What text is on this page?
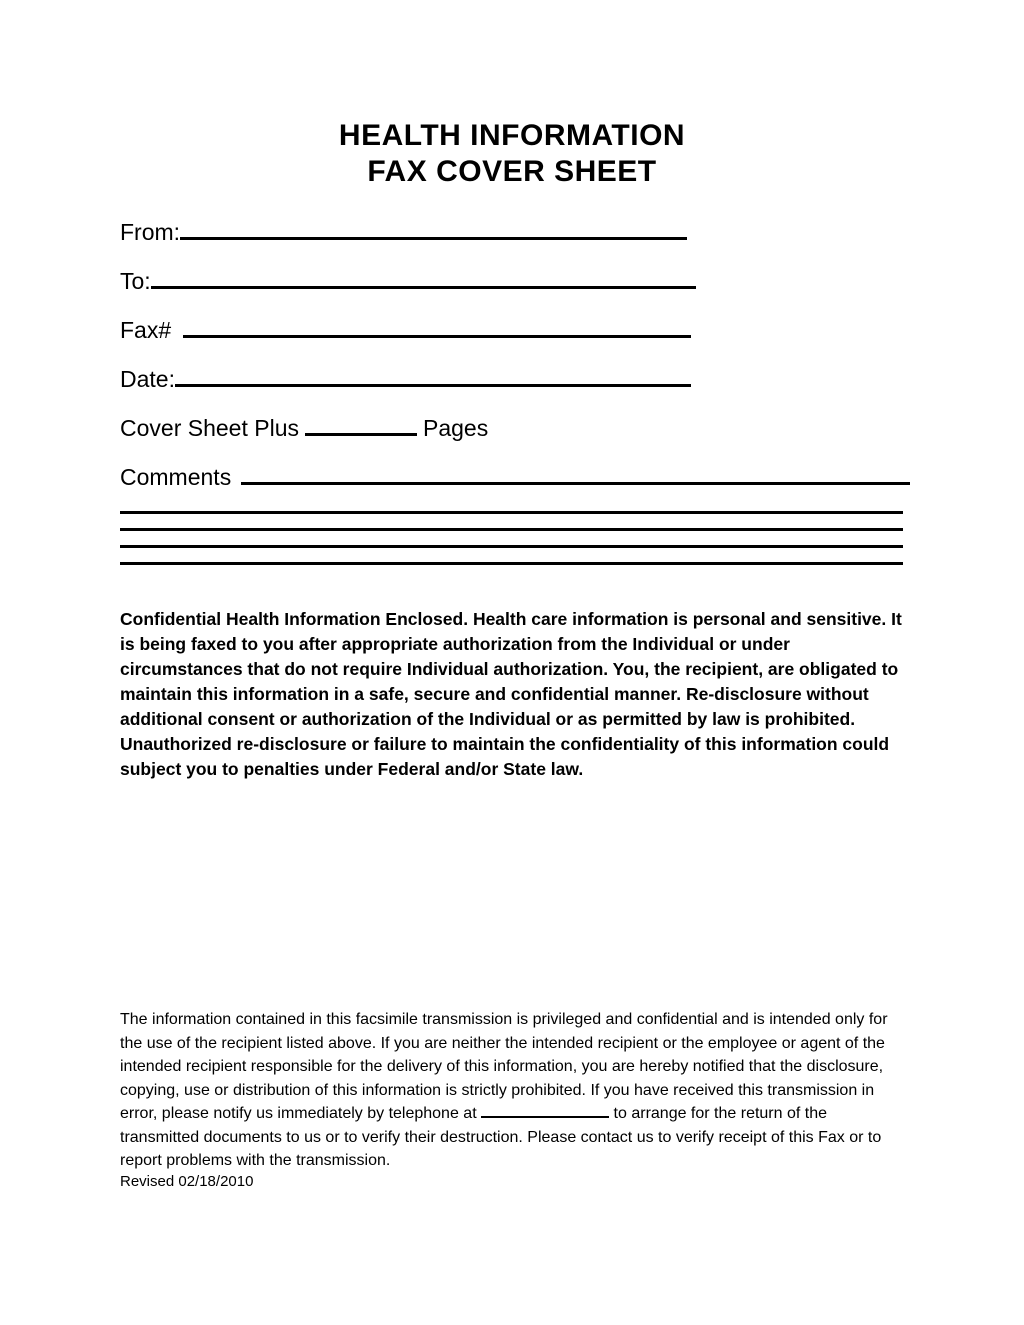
HEALTH INFORMATION
FAX COVER SHEET
From:
To:
Fax#
Date:
Cover Sheet Plus	Pages
Comments
Confidential Health Information Enclosed. Health care information is personal and sensitive. It is being faxed to you after appropriate authorization from the Individual or under circumstances that do not require Individual authorization. You, the recipient, are obligated to maintain this information in a safe, secure and confidential manner. Re-disclosure without additional consent or authorization of the Individual or as permitted by law is prohibited. Unauthorized re-disclosure or failure to maintain the confidentiality of this information could subject you to penalties under Federal and/or State law.
The information contained in this facsimile transmission is privileged and confidential and is intended only for the use of the recipient listed above. If you are neither the intended recipient or the employee or agent of the intended recipient responsible for the delivery of this information, you are hereby notified that the disclosure, copying, use or distribution of this information is strictly prohibited. If you have received this transmission in error, please notify us immediately by telephone at	to arrange for the return of the transmitted documents to us or to verify their destruction. Please contact us to verify receipt of this Fax or to report problems with the transmission.
Revised 02/18/2010
